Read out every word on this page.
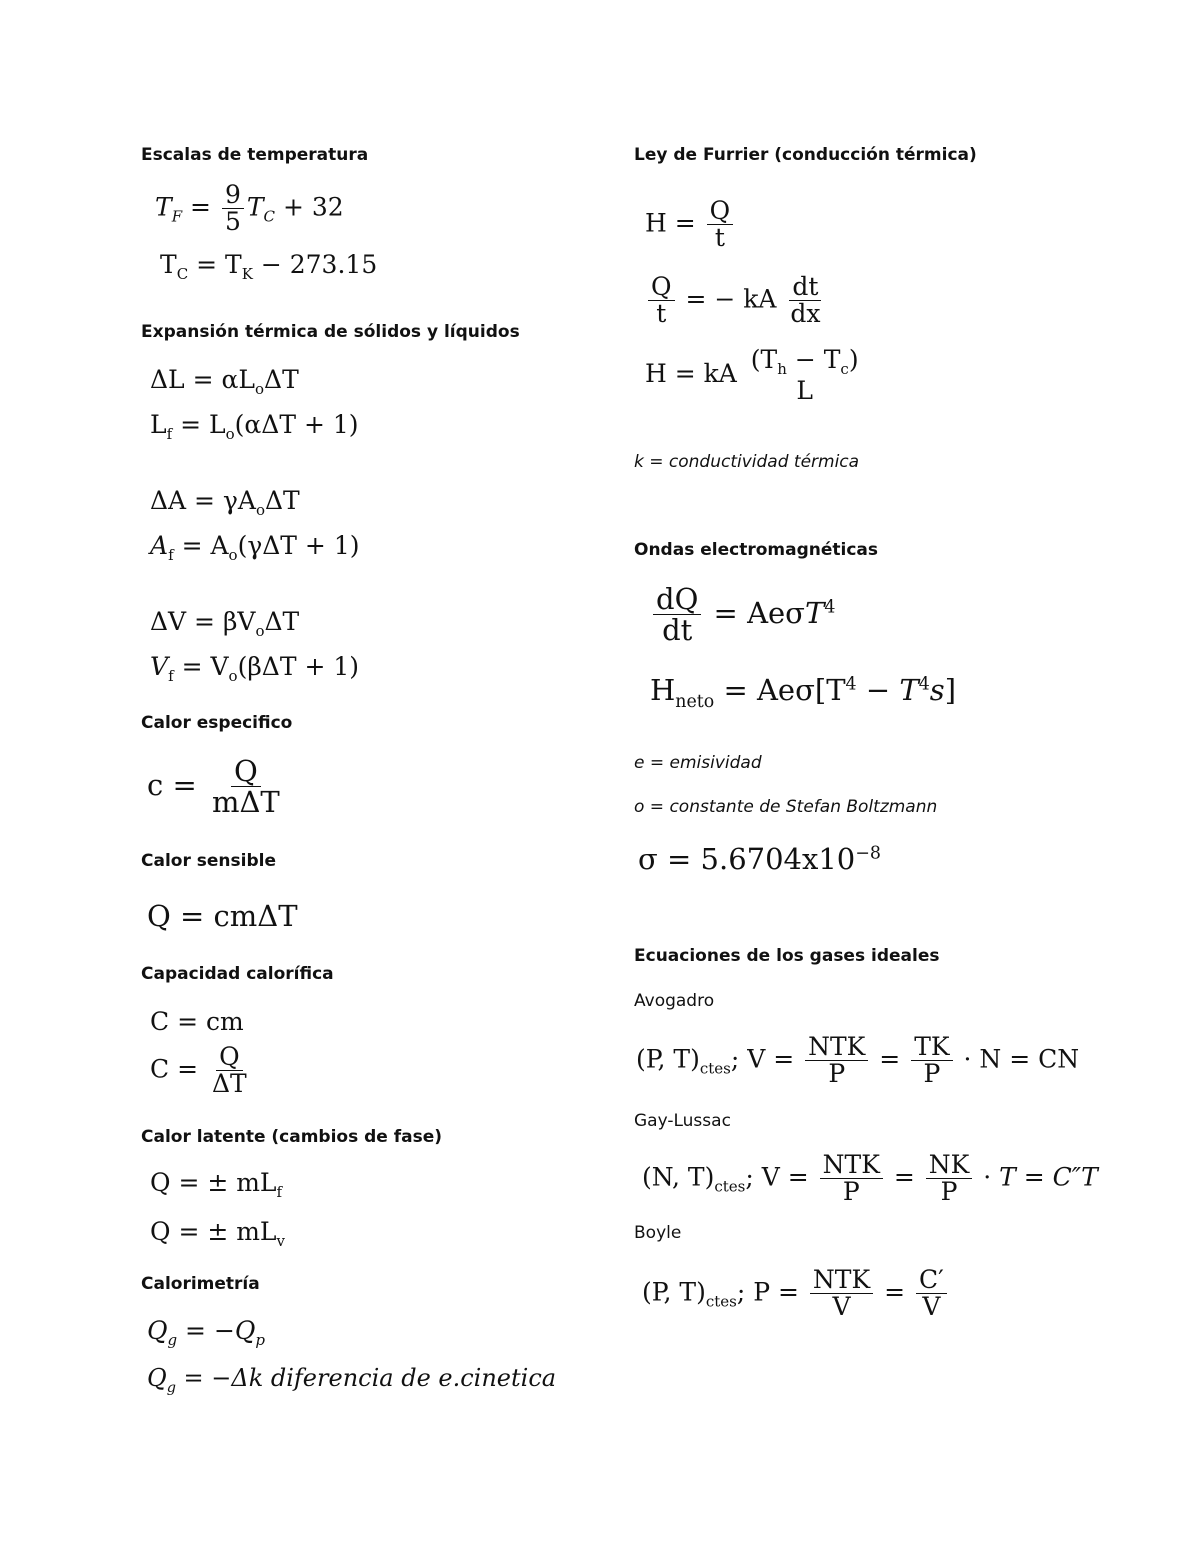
Escalas de temperatura
$T_F = \frac{9}{5} T_C + 32$
$T_C = T_K - 273.15$
Expansión térmica de sólidos y líquidos
$\Delta L = \alpha L_o\Delta T$
$L_f = L_o(\alpha\Delta T + 1)$
$\Delta A = \gamma A_o\Delta T$
$A_f = A_o(\gamma\Delta T + 1)$
$\Delta V = \beta V_o\Delta T$
$V_f = V_o(\beta\Delta T + 1)$
Calor especifico
$c = \frac{Q}{\text{mΔT}}$
Calor sensible
Q = cmΔT
Capacidad calorífica
C = cm
$C = \frac{Q}{\Delta T}$
Calor latente (cambios de fase)
Q = ± $mL_f$
Q = ± $mL_v$
Calorimetría
$Q_g = -Q_p$
$Q_g = -\Delta k$ diferencia de e.cinetica
Ley de Furrier (conducción térmica)
$H = \frac{Q}{t}$
$\frac{Q}{t}$ = − kA $\frac{dt}{dx}$
H = kA $(T_h - T_c)$
L
k = conductividad térmica
Ondas electromagnéticas
$\frac{dQ}{dt} = Ae\sigma T^4$
$H_{neto} = Ae\sigma[T^4 - T^4s]$
e = emisividad
o = constante de Stefan Boltzmann
$\sigma = 5.6704x10^{-8}$
Ecuaciones de los gases ideales
Avogadro
(P, $T)_{ctes}$; $V = \frac{\text{NTK}}{P} = \frac{TK}{P} \cdot N$ = CN
Gay-Lussac
(N, $T)_{ctes}$; $V = \frac{\text{NTK}}{P} = \frac{NK}{P} \cdot T = C''T$
Boyle
(P, $T)_{ctes}$; $P = \frac{\text{NTK}}{V} = \frac{C'}{V}$
